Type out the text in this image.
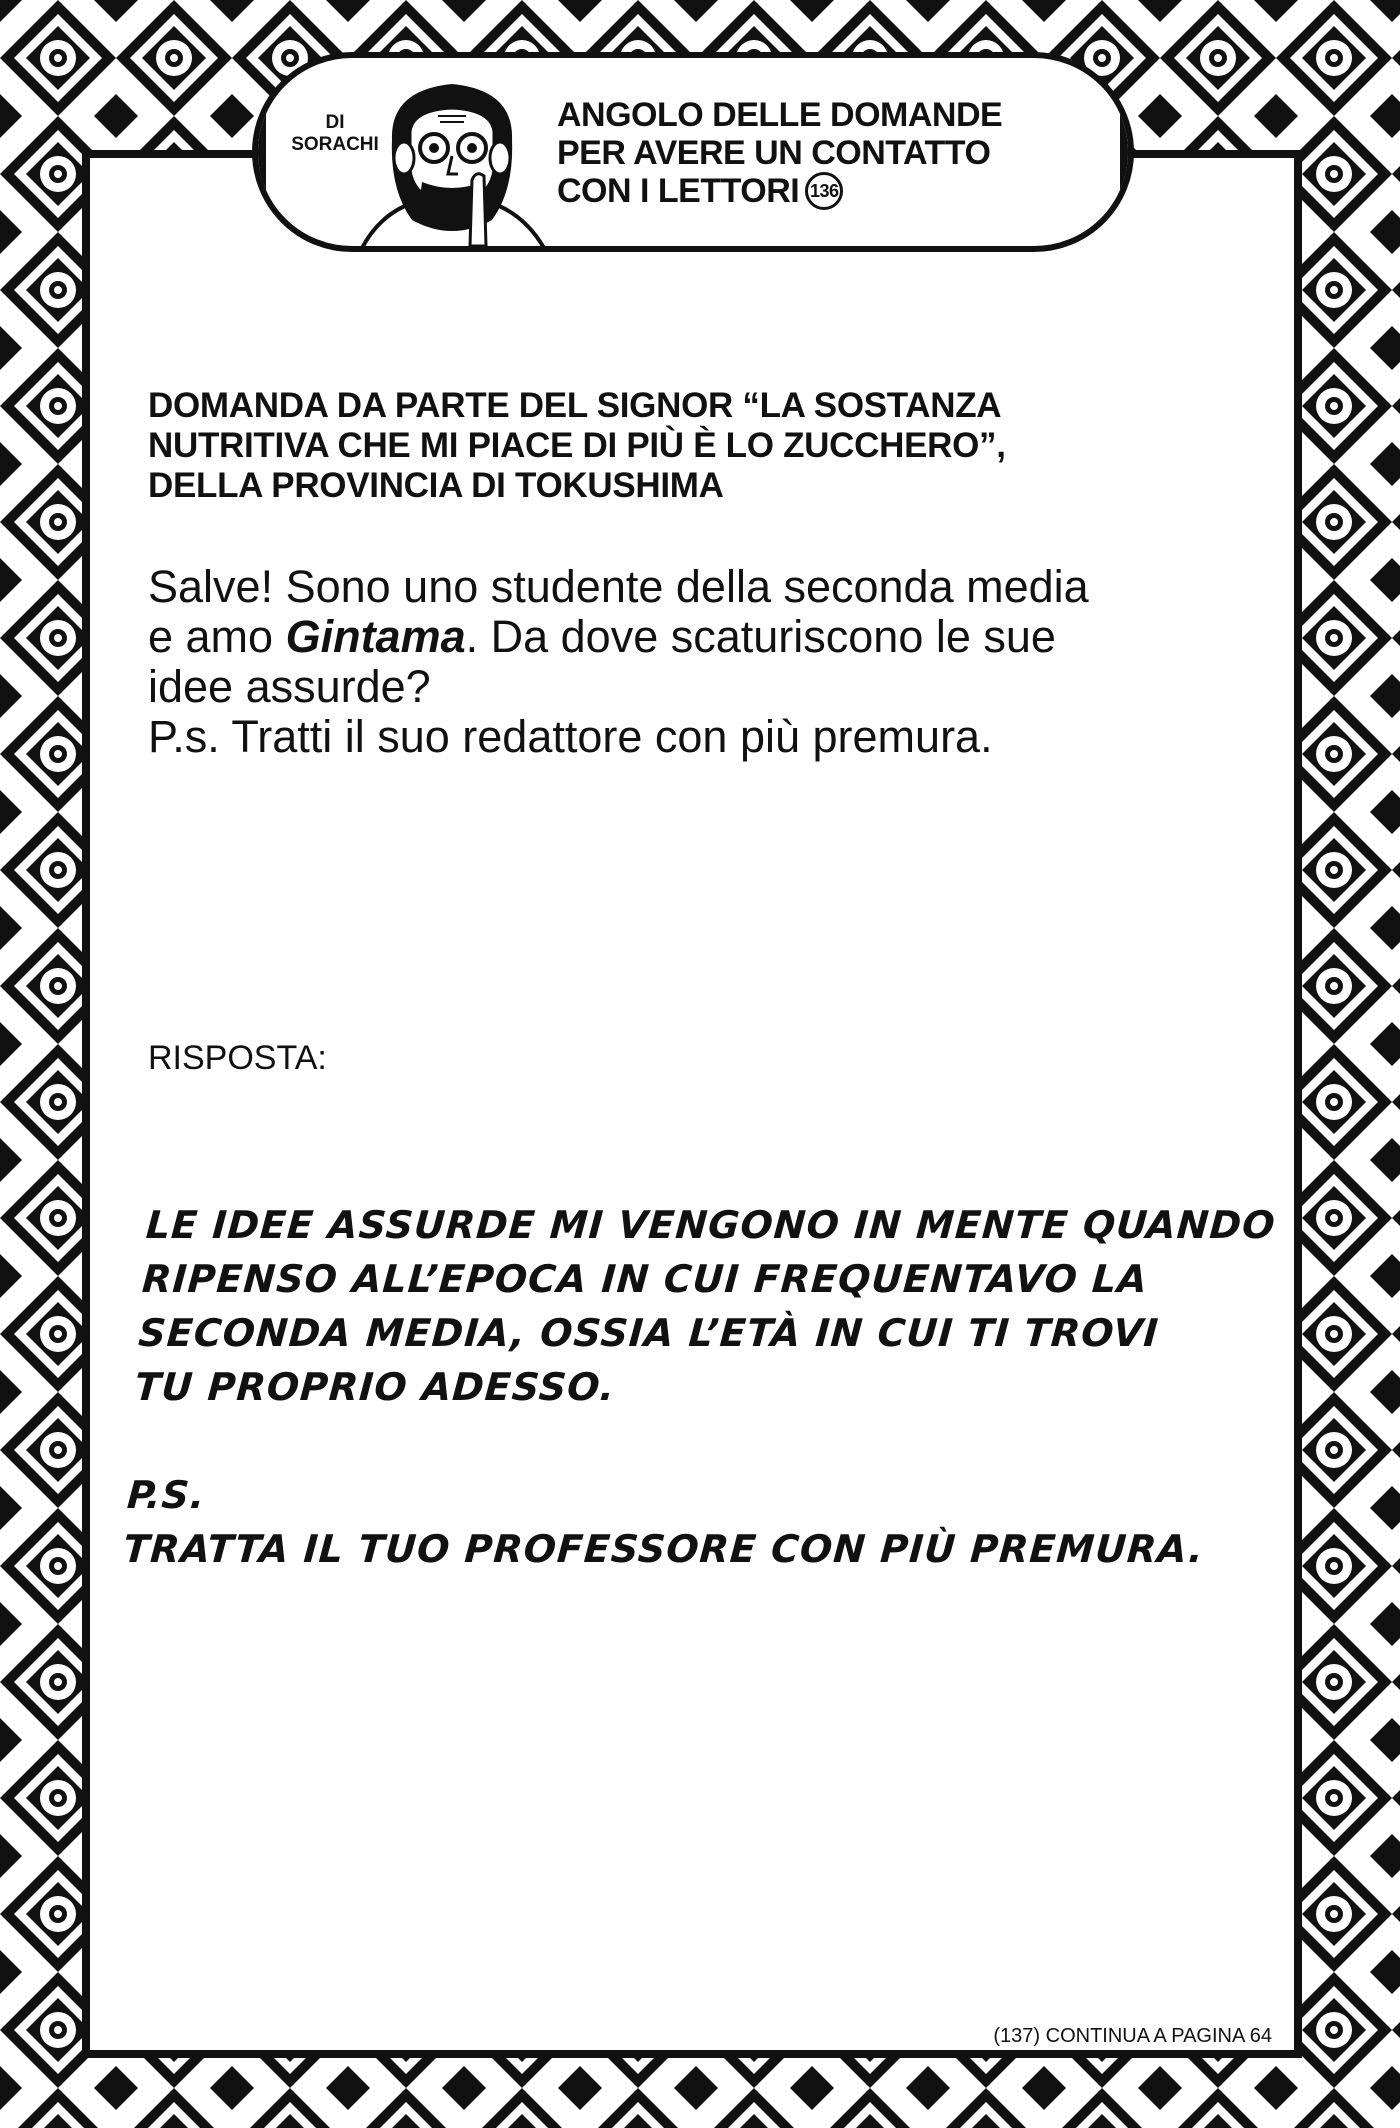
DI
SORACHI
ANGOLO DELLE DOMANDE
PER AVERE UN CONTATTO
CON I LETTORI 136
DOMANDA DA PARTE DEL SIGNOR “LA SOSTANZA
NUTRITIVA CHE MI PIACE DI PIÙ È LO ZUCCHERO”,
DELLA PROVINCIA DI TOKUSHIMA
Salve! Sono uno studente della seconda media
e amo Gintama. Da dove scaturiscono le sue
idee assurde?
P.s. Tratti il suo redattore con più premura.
RISPOSTA:
LE IDEE ASSURDE MI VENGONO IN MENTE QUANDO
RIPENSO ALL’EPOCA IN CUI FREQUENTAVO LA
SECONDA MEDIA, OSSIA L’ETÀ IN CUI TI TROVI
TU PROPRIO ADESSO.
P.S.
TRATTA IL TUO PROFESSORE CON PIÙ PREMURA.
(137) CONTINUA A PAGINA 64
